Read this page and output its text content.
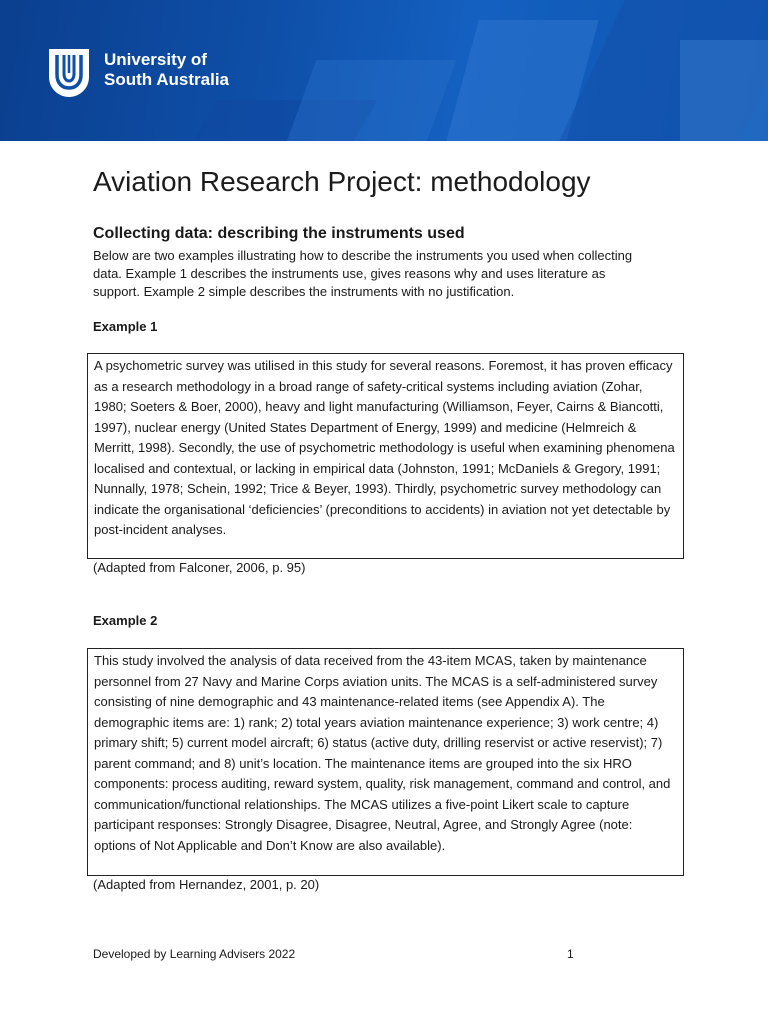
University of
South Australia
Aviation Research Project: methodology
Collecting data: describing the instruments used

Below are two examples illustrating how to describe the instruments you used when collecting data. Example 1 describes the instruments use, gives reasons why and uses literature as support. Example 2 simple describes the instruments with no justification.

Example 1
A psychometric survey was utilised in this study for several reasons. Foremost, it has proven efficacy as a research methodology in a broad range of safety-critical systems including aviation (Zohar, 1980; Soeters & Boer, 2000), heavy and light manufacturing (Williamson, Feyer, Cairns & Biancotti, 1997), nuclear energy (United States Department of Energy, 1999) and medicine (Helmreich & Merritt, 1998). Secondly, the use of psychometric methodology is useful when examining phenomena localised and contextual, or lacking in empirical data (Johnston, 1991; McDaniels & Gregory, 1991; Nunnally, 1978; Schein, 1992; Trice & Beyer, 1993). Thirdly, psychometric survey methodology can indicate the organisational ‘deficiencies’ (preconditions to accidents) in aviation not yet detectable by post-incident analyses.
(Adapted from Falconer, 2006, p. 95)
Example 2
This study involved the analysis of data received from the 43-item MCAS, taken by maintenance personnel from 27 Navy and Marine Corps aviation units. The MCAS is a self-administered survey consisting of nine demographic and 43 maintenance-related items (see Appendix A). The demographic items are: 1) rank; 2) total years aviation maintenance experience; 3) work centre; 4) primary shift; 5) current model aircraft; 6) status (active duty, drilling reservist or active reservist); 7) parent command; and 8) unit’s location. The maintenance items are grouped into the six HRO components: process auditing, reward system, quality, risk management, command and control, and communication/functional relationships. The MCAS utilizes a five-point Likert scale to capture participant responses: Strongly Disagree, Disagree, Neutral, Agree, and Strongly Agree (note: options of Not Applicable and Don’t Know are also available).
(Adapted from Hernandez, 2001, p. 20)
Developed by Learning Advisers 2022	1
